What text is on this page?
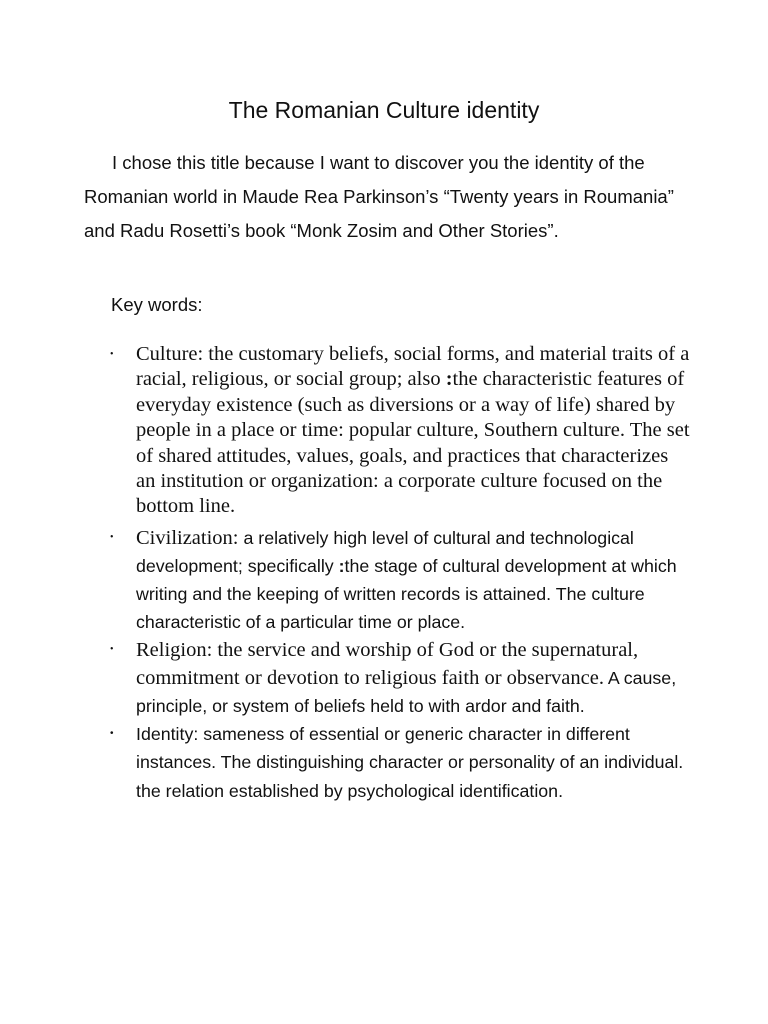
The Romanian Culture identity
I chose this title because I want to discover you the identity of the Romanian world in Maude Rea Parkinson’s “Twenty years in Roumania” and Radu Rosetti’s book “Monk Zosim and Other Stories”.
Key words:
• Culture: the customary beliefs, social forms, and material traits of a racial, religious, or social group; also :the characteristic features of everyday existence (such as diversions or a way of life) shared by people in a place or time: popular culture, Southern culture. The set of shared attitudes, values, goals, and practices that characterizes an institution or organization: a corporate culture focused on the bottom line.
• Civilization: a relatively high level of cultural and technological development; specifically :the stage of cultural development at which writing and the keeping of written records is attained. The culture characteristic of a particular time or place.
• Religion: the service and worship of God or the supernatural, commitment or devotion to religious faith or observance. A cause, principle, or system of beliefs held to with ardor and faith.
• Identity: sameness of essential or generic character in different instances. The distinguishing character or personality of an individual. the relation established by psychological identification.
